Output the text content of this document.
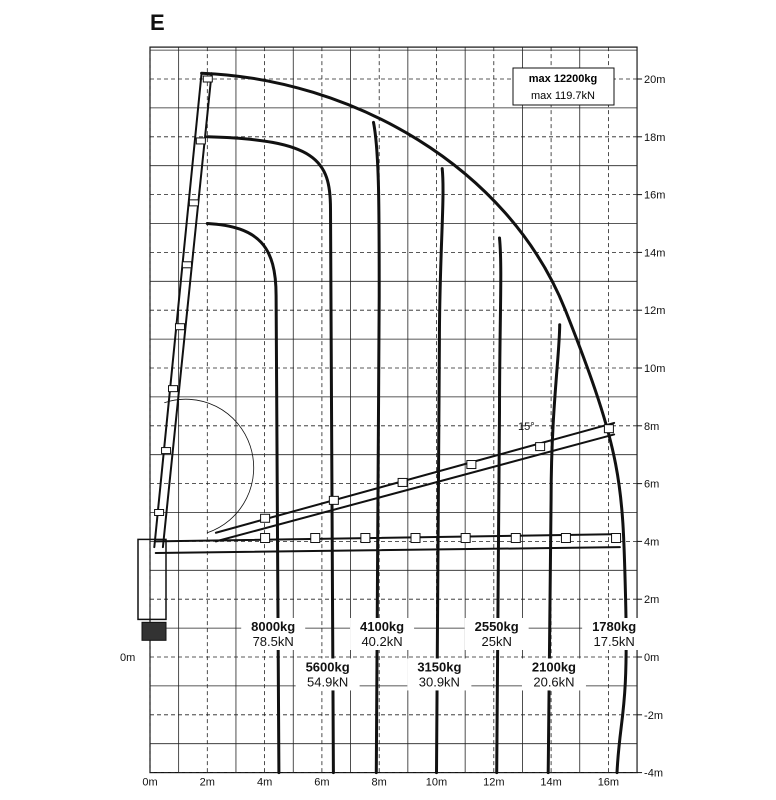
E
0m	2m	4m	6m	8m	10m	12m	14m	16m
-4m
-2m
0m
2m
4m
6m
8m
10m
12m
14m
16m
18m
20m
0m
8000kg
78.5kN
5600kg
54.9kN
4100kg
40.2kN
3150kg
30.9kN
2550kg
25kN
2100kg
20.6kN
1780kg
17.5kN
max 12200kg
max 119.7kN
15°
